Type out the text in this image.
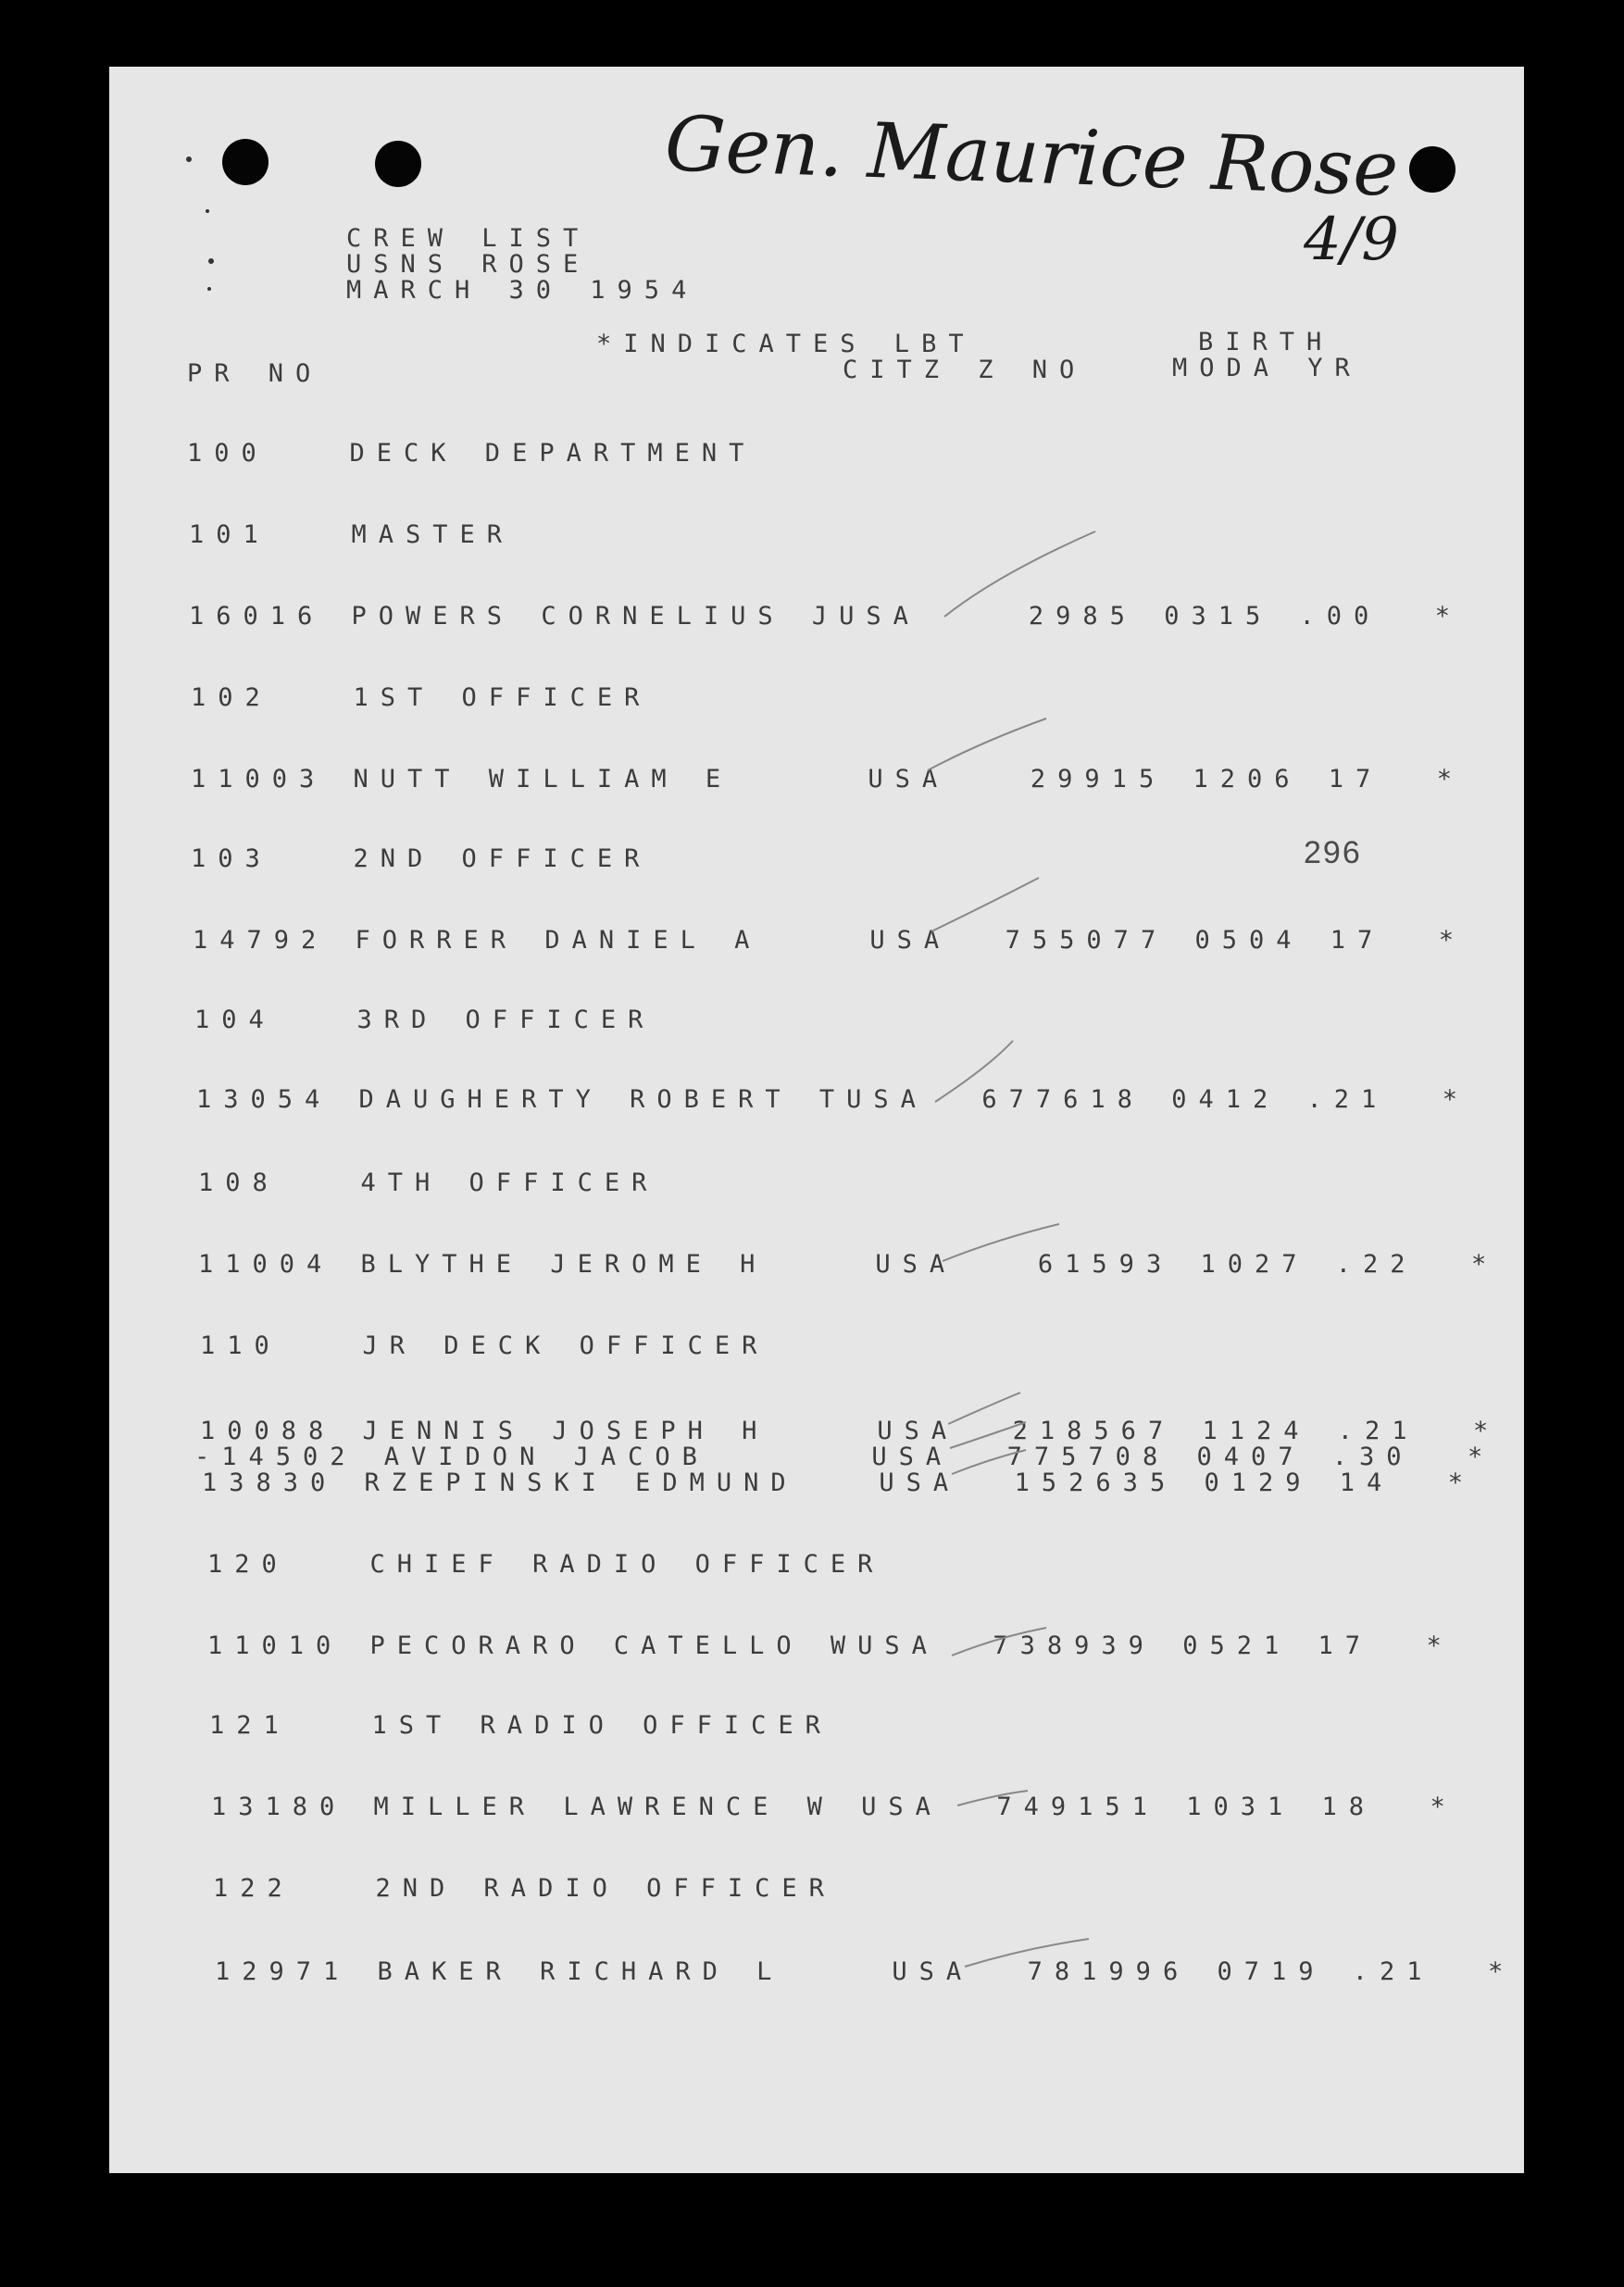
Gen. Maurice Rose
4/9
CREW LIST
USNS ROSE
MARCH 30 1954
*INDICATES LBT	BIRTH
PR NO	CITZ Z NO	MODA YR
296
100   DECK DEPARTMENT
101   MASTER
16016 POWERS CORNELIUS JUSA    2985 0315 .00  *
102   1ST OFFICER
11003 NUTT WILLIAM E     USA   29915 1206 17  *
103   2ND OFFICER
14792 FORRER DANIEL A    USA  755077 0504 17  *
104   3RD OFFICER
13054 DAUGHERTY ROBERT TUSA  677618 0412 .21  *
108   4TH OFFICER
11004 BLYTHE JEROME H    USA   61593 1027 .22  *
110   JR DECK OFFICER
10088 JENNIS JOSEPH H    USA  218567 1124 .21  *
-14502 AVIDON JACOB      USA  775708 0407 .30  *
13830 RZEPINSKI EDMUND   USA  152635 0129 14  *
120   CHIEF RADIO OFFICER
11010 PECORARO CATELLO WUSA  738939 0521 17  *
121   1ST RADIO OFFICER
13180 MILLER LAWRENCE W USA  749151 1031 18  *
122   2ND RADIO OFFICER
12971 BAKER RICHARD L    USA  781996 0719 .21  *
